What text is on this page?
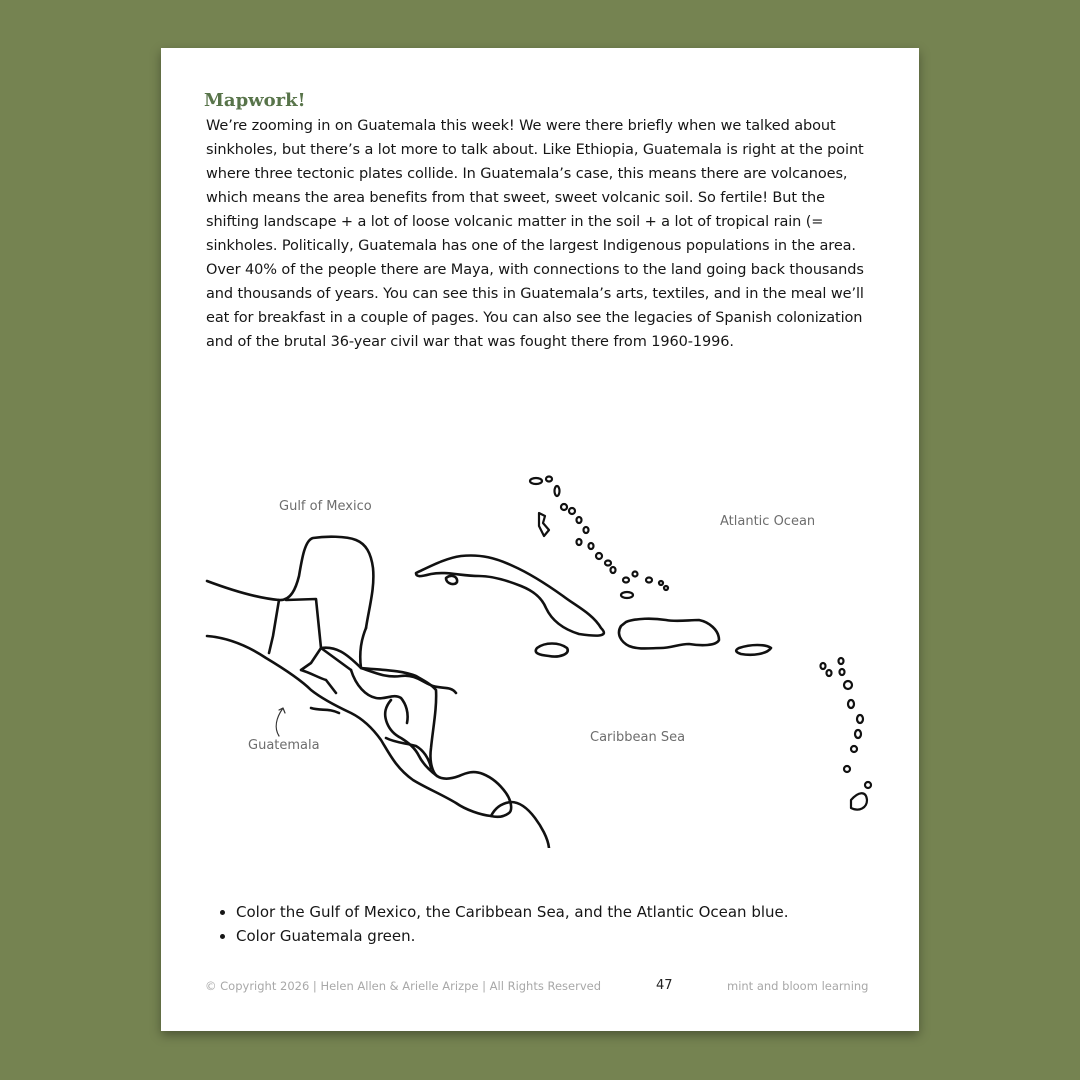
Mapwork!

We’re zooming in on Guatemala this week! We were there briefly when we talked about sinkholes, but there’s a lot more to talk about. Like Ethiopia, Guatemala is right at the point where three tectonic plates collide. In Guatemala’s case, this means there are volcanoes, which means the area benefits from that sweet, sweet volcanic soil. So fertile! But the shifting landscape + a lot of loose volcanic matter in the soil + a lot of tropical rain (= sinkholes. Politically, Guatemala has one of the largest Indigenous populations in the area. Over 40% of the people there are Maya, with connections to the land going back thousands and thousands of years. You can see this in Guatemala’s arts, textiles, and in the meal we’ll eat for breakfast in a couple of pages. You can also see the legacies of Spanish colonization and of the brutal 36-year civil war that was fought there from 1960-1996.

Gulf of Mexico
Atlantic Ocean
Caribbean Sea
Guatemala
• Color the Gulf of Mexico, the Caribbean Sea, and the Atlantic Ocean blue.
• Color Guatemala green.
© Copyright 2026 | Helen Allen & Arielle Arizpe | All Rights Reserved	47	mint and bloom learning
